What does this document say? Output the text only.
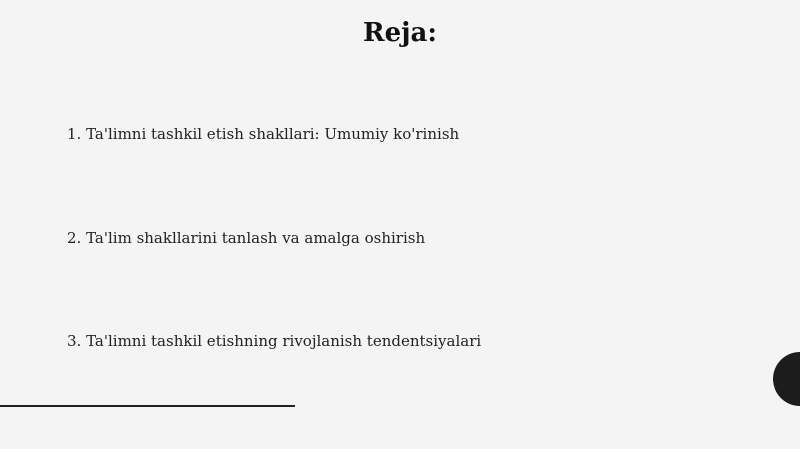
Reja:

1. Ta'limni tashkil etish shakllari: Umumiy ko'rinish

2. Ta'lim shakllarini tanlash va amalga oshirish

3. Ta'limni tashkil etishning rivojlanish tendentsiyalari
